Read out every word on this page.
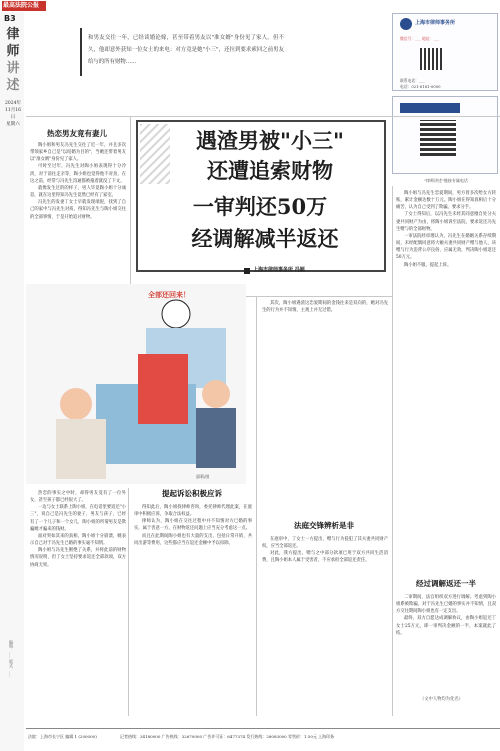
最高法院公报
B3
律
师
讲
述
2024年
11月16日
星期六
编辑：___ 版式：___
和男友交往一年，已经谈婚论嫁，甚至带着男友以"准女婿"身份见了家人。但不久，他却意外获知一位女士的来电：对方竟是她"小三"，还拉到要求索回之前男友给与的所有财物……
上海市律师事务所
微信号：___ 地址：___
联系电话：___
电话：021-6181-0000
"律师讲述"链接专属电话
热恋男友竟有妻儿

陶小姐和男友冯先生交往了近一年，并且多次带领家乡自己是"以结婚为目的"，当她还带着男友以"准女婿"身份见了家人。

可时至过年，冯先生对陶小姐表现得十分冷淡，对于前往走亲等，陶小姐也觉得他不对劲，在这之前，经常与冯先生沟通都被拖着就没了下文。

就像发生过的的样子，男人毕竟陶小姐十分诚恳，就在这里得知冯先生竟然已经有了家室。

冯先生的发妻丁女士早就发现端倪，找到了自己的家中与冯先生对质，得知冯先生与陶小姐交往的全部事情，于是开始追讨财物。

遇渣男被"小三"
还遭追索财物
一审判还50万
经调解减半返还
上海市律师事务所 冯颖
全部还回来！
邵莉/图

陶小姐与冯先生恋爱期间，男方曾多次给女方转账，累计金额达数十万元。陶小姐在得知真相后十分痛苦，认为自己受到了欺骗，要求分手。

丁女士得知后，以冯先生未经其同意擅自处分夫妻共同财产为由，将陶小姐诉至法院，要求返还冯先生赠与的全部财物。

一审法院经审理认为，冯先生在婚姻关系存续期间，未经配偶同意将大额夫妻共同财产赠与他人，该赠与行为违背公序良俗，应属无效，判决陶小姐返还50万元。

陶小姐不服，提起上诉。

经过调解返还一半

二审期间，法官组织双方进行调解。考虑到陶小姐系被欺骗，对于冯先生已婚的事实并不知情，且双方交往期间陶小姐也有一定支出。

最终，双方自愿达成调解协议，由陶小姐返还丁女士25万元，即一审判决金额的一半，本案就此了结。

（文中人物均为化名）

热恋的事实之中时，却得男友竟有了一位外女，甚至孩子都已经很大了。

一边与女士联系上陶小姐，在电话里要返还"小三"，说自己是冯先生的妻子，男友与孩子，已经有了一个儿子和一个女儿，陶小姐的所谓男友是欺骗她才骗来的钱财。

面对突如其来的真相，陶小姐十分崩溃，她表示自己对于冯先生已婚的事实毫不知情。

陶小姐与冯先生断绝了关系，并将此前的财物情况说明，但丁女士坚持要求返还全部款项，双方协商无果。

提起诉讼积极应诉

得知此后，陶小姐找律师咨询，委托律师代理此案，在庭审中积极应诉，争取合法权益。

律师认为，陶小姐在交往过程中并不知情对方已婚的事实，属于善意一方，在财物返还问题上应当充分考虑这一点。

而且在此期间陶小姐也有大量的支出，包括日常开销、共同出游等费用，这些都应当在返还金额中予以扣除。

其次，陶小姐遇渣这恋爱期间的金钱往来是双向的，她对冯先生的行为并不知情，主观上并无过错。

法庭交锋辨析是非

在庭审中，丁女士一方提出，赠与行为侵犯了其夫妻共同财产权，应当全部返还。

对此，我方提出，赠与之中部分款项已用于双方共同生活消费，且陶小姐本人属于受害者，不应承担全部返还责任。

法院：上海市长宁区 编辑 1 (200000)	记者热线：34180000 广告热线：32670000 广告许可证：6477374 发行热线：28083000 零售价：1.50元 上海印务
